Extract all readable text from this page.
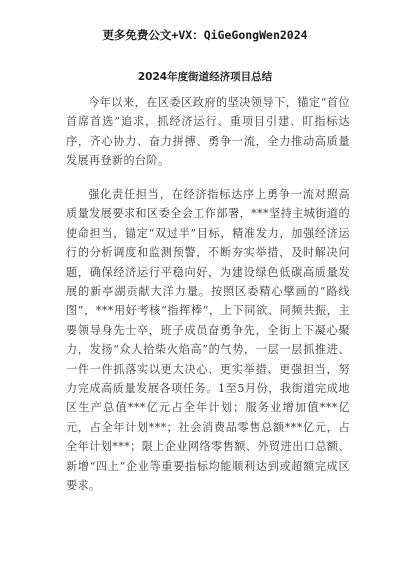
更多免费公文+VX：QiGeGongWen2024
2024年度街道经济项目总结

今年以来，在区委区政府的坚决领导下，锚定“首位首席首选”追求，抓经济运行、重项目引建、盯指标达序，齐心协力、奋力拼搏、勇争一流，全力推动高质量发展再登新的台阶。

强化责任担当，在经济指标达序上勇争一流对照高质量发展要求和区委全会工作部署，***坚持主城街道的使命担当，锚定“双过半”目标，精准发力，加强经济运行的分析调度和监测预警，不断夯实举措，及时解决问题，确保经济运行平稳向好，为建设绿色低碳高质量发展的新亭湖贡献大洋力量。按照区委精心擘画的“路线图”，***用好考核“指挥棒”，上下同欲、同频共振，主要领导身先士卒，班子成员奋勇争先，全街上下凝心聚力，发扬“众人拾柴火焰高”的气势，一层一层抓推进、一件一件抓落实以更大决心、更实举措、更强担当，努力完成高质量发展各项任务。1至5月份，我街道完成地区生产总值***亿元占全年计划；服务业增加值***亿元，占全年计划***；社会消费品零售总额***亿元，占全年计划***；限上企业网络零售额、外贸进出口总额、新增“四上”企业等重要指标均能顺利达到或超额完成区要求。
